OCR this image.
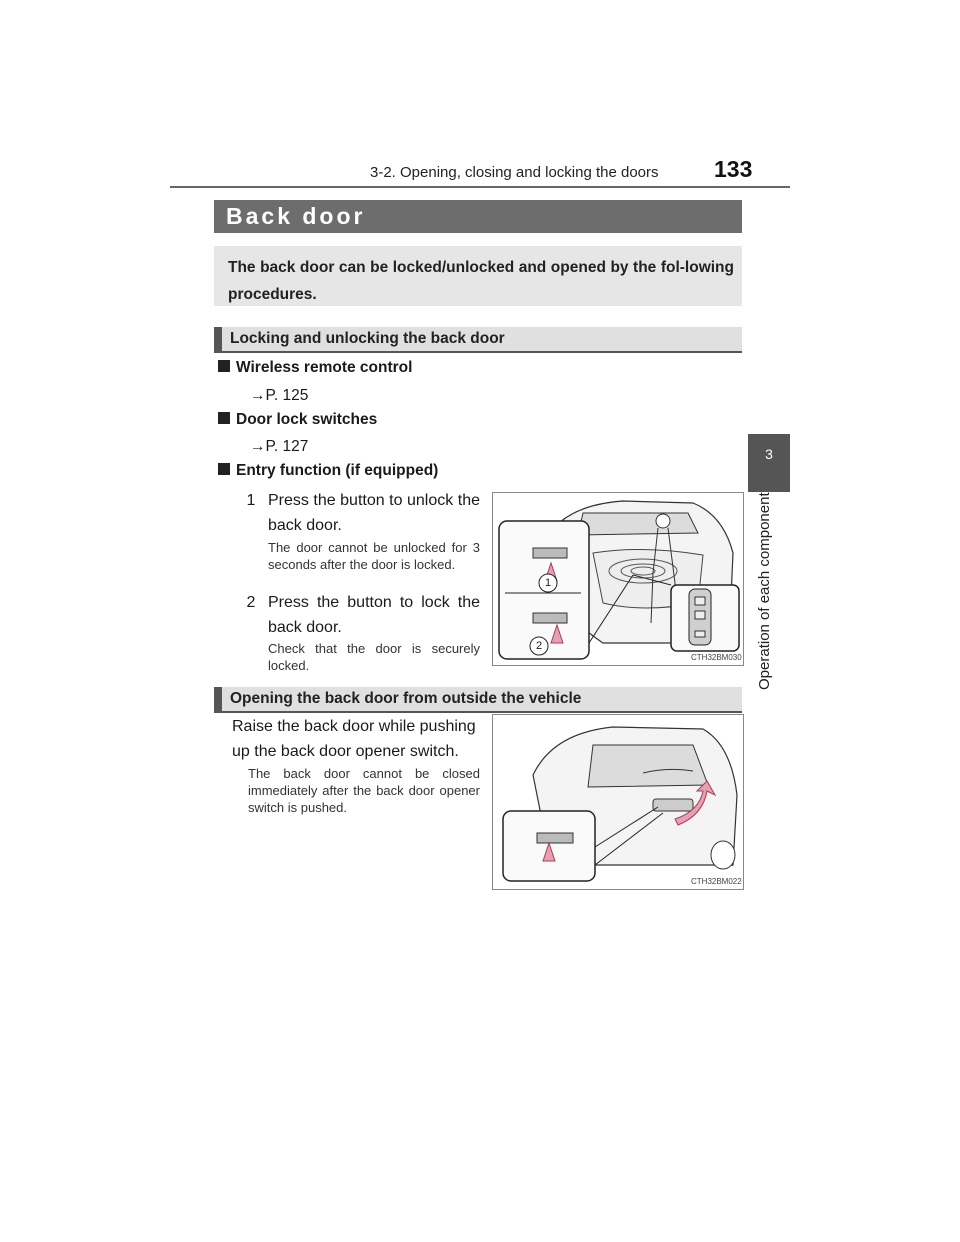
3-2. Opening, closing and locking the doors 133
3
Operation of each component
Back door
The back door can be locked/unlocked and opened by the fol-lowing procedures.
Locking and unlocking the back door
Wireless remote control
→P. 125
Door lock switches
→P. 127
Entry function (if equipped)
1 Press the button to unlock the back door.
The door cannot be unlocked for 3 seconds after the door is locked.
2 Press the button to lock the back door.
Check that the door is securely locked.
1
2
CTH32BM030
Opening the back door from outside the vehicle
Raise the back door while pushing up the back door opener switch.
The back door cannot be closed immediately after the back door opener switch is pushed.
CTH32BM022
